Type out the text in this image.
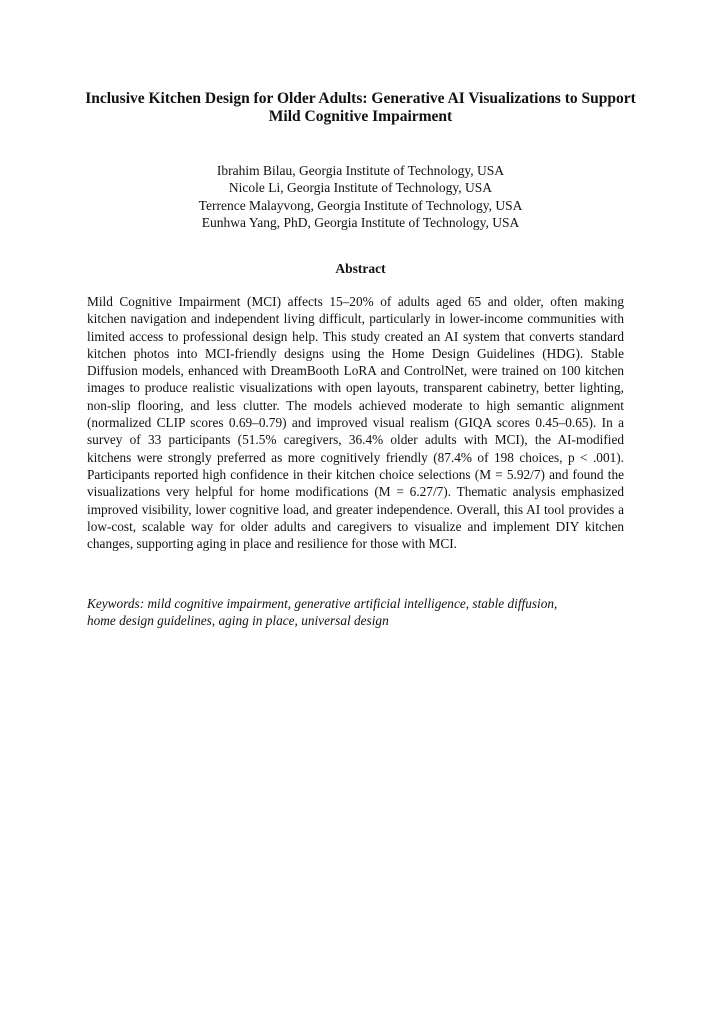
Inclusive Kitchen Design for Older Adults: Generative AI Visualizations to Support Mild Cognitive Impairment
Ibrahim Bilau, Georgia Institute of Technology, USA
Nicole Li, Georgia Institute of Technology, USA
Terrence Malayvong, Georgia Institute of Technology, USA
Eunhwa Yang, PhD, Georgia Institute of Technology, USA
Abstract

Mild Cognitive Impairment (MCI) affects 15–20% of adults aged 65 and older, often making kitchen navigation and independent living difficult, particularly in lower-income communities with limited access to professional design help. This study created an AI system that converts standard kitchen photos into MCI-friendly designs using the Home Design Guidelines (HDG). Stable Diffusion models, enhanced with DreamBooth LoRA and ControlNet, were trained on 100 kitchen images to produce realistic visualizations with open layouts, transparent cabinetry, better lighting, non-slip flooring, and less clutter. The models achieved moderate to high semantic alignment (normalized CLIP scores 0.69–0.79) and improved visual realism (GIQA scores 0.45–0.65). In a survey of 33 participants (51.5% caregivers, 36.4% older adults with MCI), the AI-modified kitchens were strongly preferred as more cognitively friendly (87.4% of 198 choices, p < .001). Participants reported high confidence in their kitchen choice selections (M = 5.92/7) and found the visualizations very helpful for home modifications (M = 6.27/7). Thematic analysis emphasized improved visibility, lower cognitive load, and greater independence. Overall, this AI tool provides a low-cost, scalable way for older adults and caregivers to visualize and implement DIY kitchen changes, supporting aging in place and resilience for those with MCI.

Keywords: mild cognitive impairment, generative artificial intelligence, stable diffusion,
home design guidelines, aging in place, universal design
